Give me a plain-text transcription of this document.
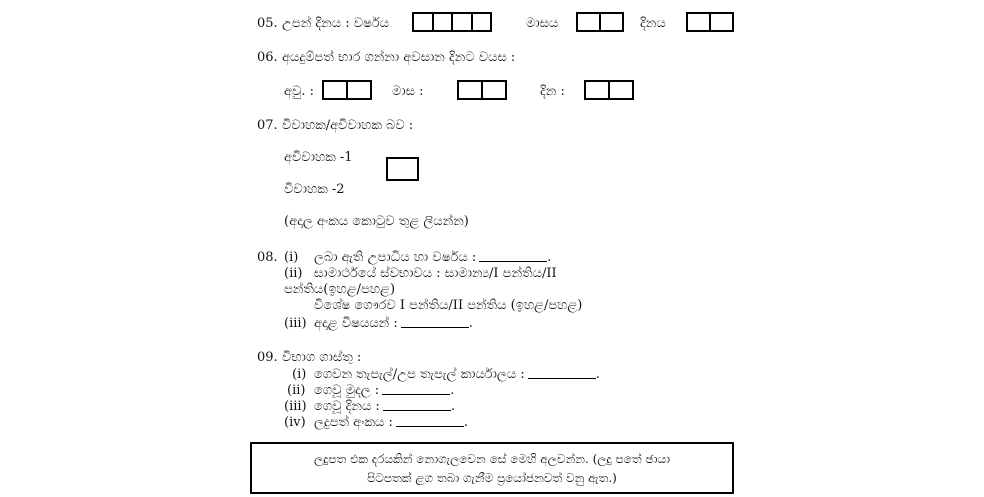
05. උපන් දිනය : වර්ෂය	මාසය	දිනය
06. අයදුම්පත් භාර ගන්නා අවසාන දිනට වයස :
අවු. :	මාස :	දින :
07. විවාහක/අවිවාහක බව :
අවිවාහක -1
විවාහක -2
(අදාල අංකය කොටුව තුළ ලියන්න)
08. (i) ලබා ඇති උපාධිය හා වර්ෂය :	.
(ii) සාමාර්ථයේ ස්වභාවය : සාමාන්‍ය/I පන්තිය/II
පන්තිය(ඉහළ/පහළ)
විශේෂ ගෞරව I පන්තිය/II පන්තිය (ඉහළ/පහළ)
(iii) අදාළ විෂයයන් :	.
09. විභාග ගාස්තු :
(i) ගෙවන තැපැල්/උප තැපැල් කාර්යාලය :	.
(ii) ගෙවූ මුදල :	.
(iii) ගෙවූ දිනය :	.
(iv) ලදුපත් අංකය :	.
ලදුපත එක දරයකින් නොගැලවෙන සේ මෙහි අලවන්න. (ලදු පතේ ඡායා
පිටපතක් ළග තබා ගැනීම ප්‍රයෝජනවත් වනු ඇත.)
